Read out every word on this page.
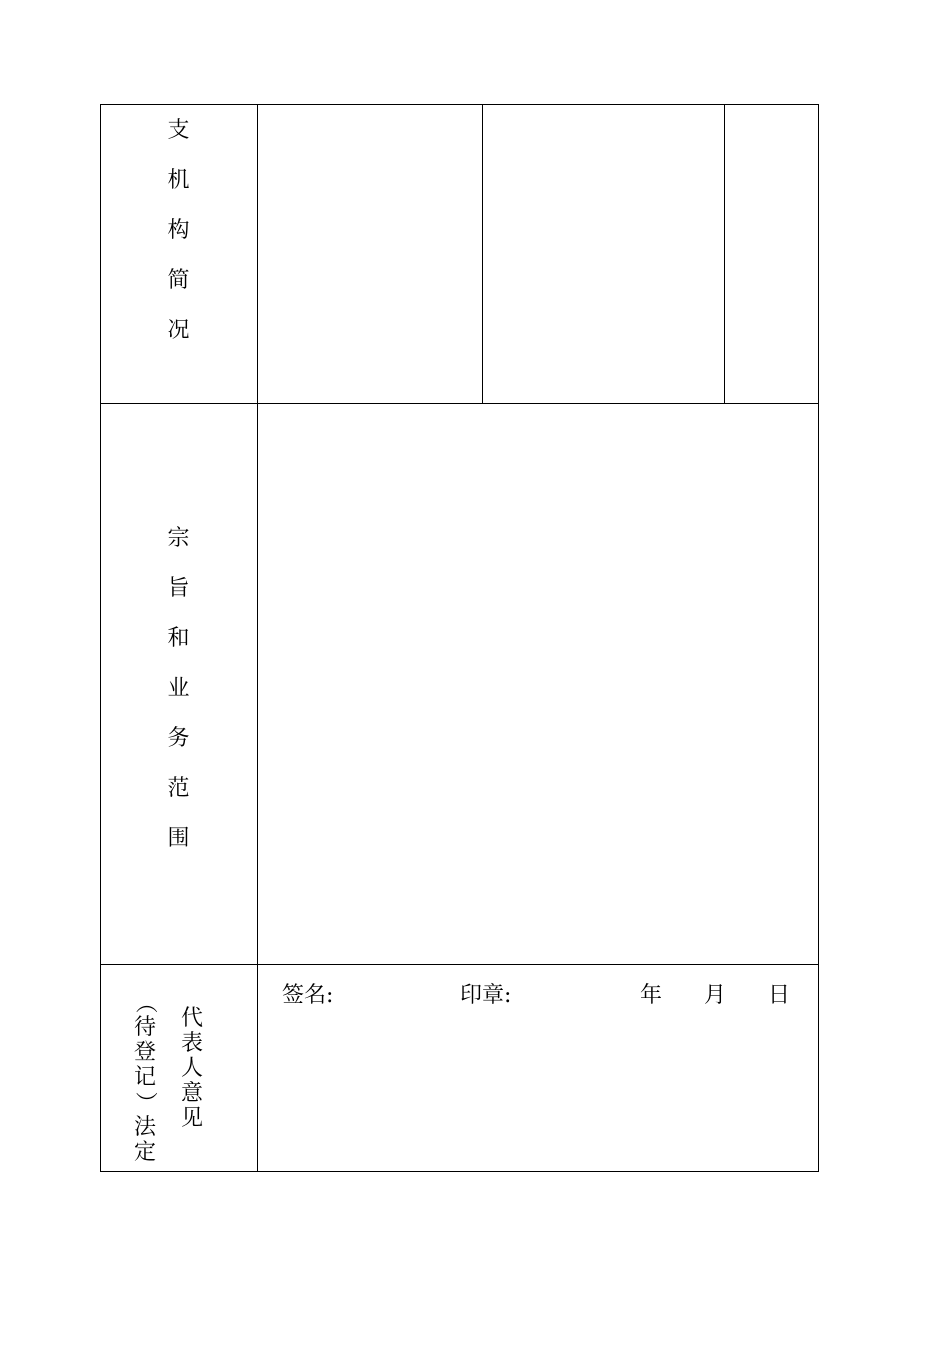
支
机
构
简
况
宗
旨
和
业
务
范
围
（
待
登
记
）
法
定
代
表
人
意
见
签名:	印章:	年 月 日
